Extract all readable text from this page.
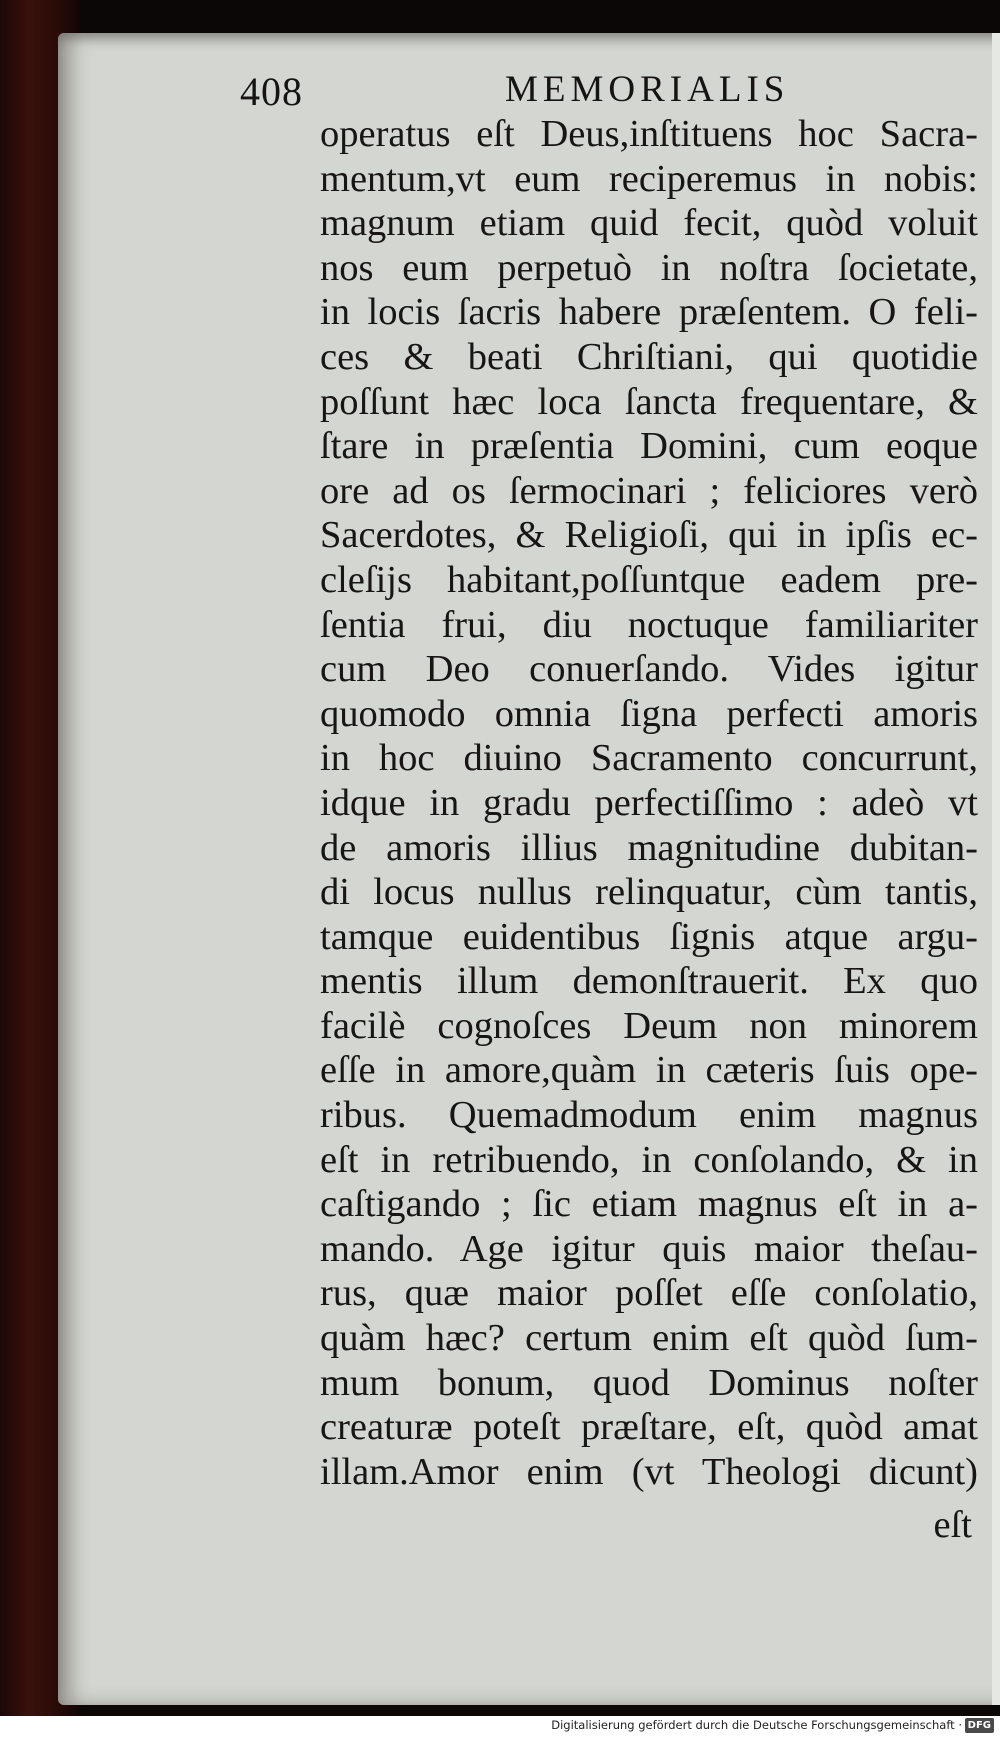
408	MEMORIALIS
operatus eſt Deus,inſtituens hoc Sacra-
mentum,vt eum reciperemus in nobis:
magnum etiam quid fecit, quòd voluit
nos eum perpetuò in noſtra ſocietate,
in locis ſacris habere præſentem. O feli-
ces & beati Chriſtiani, qui quotidie
poſſunt hæc loca ſancta frequentare, &
ſtare in præſentia Domini, cum eoque
ore ad os ſermocinari ; feliciores verò
Sacerdotes, & Religioſi, qui in ipſis ec-
cleſijs habitant,poſſuntque eadem pre-
ſentia frui, diu noctuque familiariter
cum Deo conuerſando. Vides igitur
quomodo omnia ſigna perfecti amoris
in hoc diuino Sacramento concurrunt,
idque in gradu perfectiſſimo : adeò vt
de amoris illius magnitudine dubitan-
di locus nullus relinquatur, cùm tantis,
tamque euidentibus ſignis atque argu-
mentis illum demonſtrauerit. Ex quo
facilè cognoſces Deum non minorem
eſſe in amore,quàm in cæteris ſuis ope-
ribus. Quemadmodum enim magnus
eſt in retribuendo, in conſolando, & in
caſtigando ; ſic etiam magnus eſt in a-
mando. Age igitur quis maior theſau-
rus, quæ maior poſſet eſſe conſolatio,
quàm hæc? certum enim eſt quòd ſum-
mum bonum, quod Dominus noſter
creaturæ poteſt præſtare, eſt, quòd amat
illam.Amor enim (vt Theologi dicunt)
eſt
Digitalisierung gefördert durch die Deutsche Forschungsgemeinschaft · DFG
